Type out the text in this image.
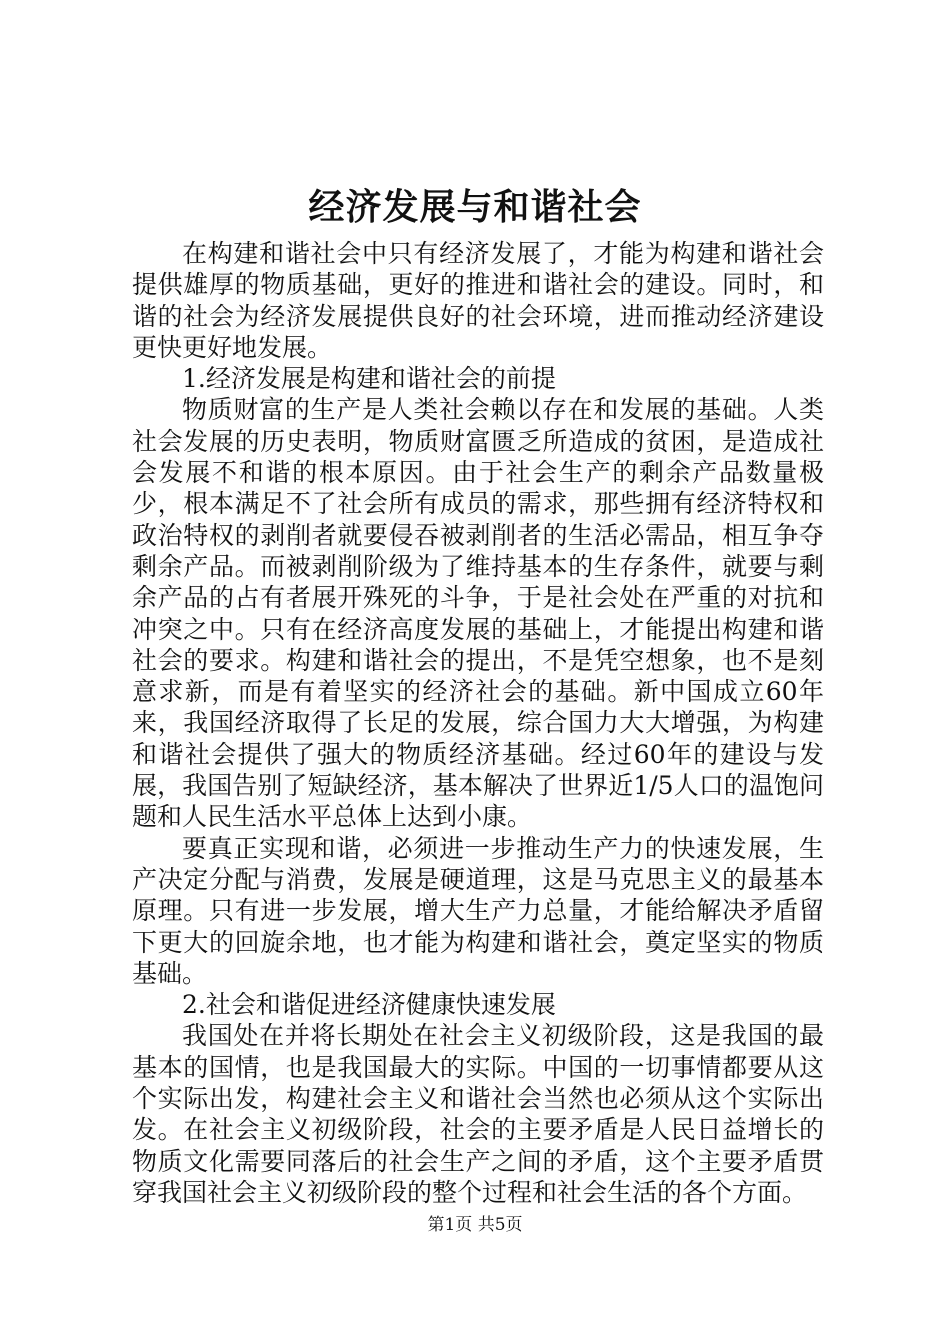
经济发展与和谐社会

在构建和谐社会中只有经济发展了，才能为构建和谐社会提供雄厚的物质基础，更好的推进和谐社会的建设。同时，和谐的社会为经济发展提供良好的社会环境，进而推动经济建设更快更好地发展。

1.经济发展是构建和谐社会的前提

物质财富的生产是人类社会赖以存在和发展的基础。人类社会发展的历史表明，物质财富匮乏所造成的贫困，是造成社会发展不和谐的根本原因。由于社会生产的剩余产品数量极少，根本满足不了社会所有成员的需求，那些拥有经济特权和政治特权的剥削者就要侵吞被剥削者的生活必需品，相互争夺剩余产品。而被剥削阶级为了维持基本的生存条件，就要与剩余产品的占有者展开殊死的斗争，于是社会处在严重的对抗和冲突之中。只有在经济高度发展的基础上，才能提出构建和谐社会的要求。构建和谐社会的提出，不是凭空想象，也不是刻意求新，而是有着坚实的经济社会的基础。新中国成立60年来，我国经济取得了长足的发展，综合国力大大增强，为构建和谐社会提供了强大的物质经济基础。经过60年的建设与发展，我国告别了短缺经济，基本解决了世界近1/5人口的温饱问题和人民生活水平总体上达到小康。

要真正实现和谐，必须进一步推动生产力的快速发展，生产决定分配与消费，发展是硬道理，这是马克思主义的最基本原理。只有进一步发展，增大生产力总量，才能给解决矛盾留下更大的回旋余地，也才能为构建和谐社会，奠定坚实的物质基础。

2.社会和谐促进经济健康快速发展

我国处在并将长期处在社会主义初级阶段，这是我国的最基本的国情，也是我国最大的实际。中国的一切事情都要从这个实际出发，构建社会主义和谐社会当然也必须从这个实际出发。在社会主义初级阶段，社会的主要矛盾是人民日益增长的物质文化需要同落后的社会生产之间的矛盾，这个主要矛盾贯穿我国社会主义初级阶段的整个过程和社会生活的各个方面。

第1页 共5页
